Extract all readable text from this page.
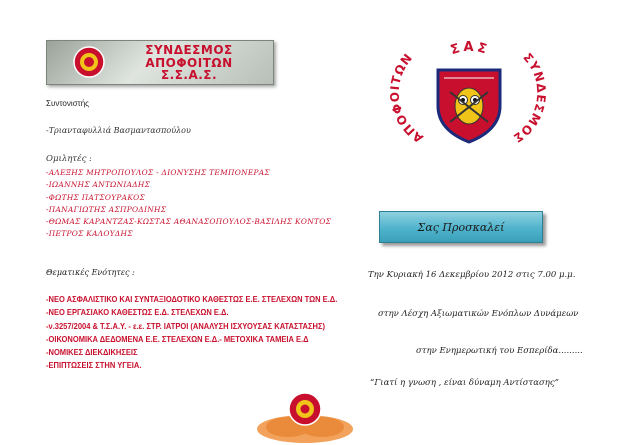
ΣΥΝΔΕΣΜΟΣ
ΑΠΟΦΟΙΤΩΝ
Σ.Σ.Α.Σ.
Συντονιστής
-Τριανταφυλλιά Βασμαντασπούλου
Ομιλητές :
-ΑΛΕΞΗΣ ΜΗΤΡΟΠΟΥΛΟΣ - ΔΙΟΝΥΣΗΣ ΤΕΜΠΟΝΕΡΑΣ
-ΙΩΑΝΝΗΣ ΑΝΤΩΝΙΑΔΗΣ
-ΦΩΤΗΣ ΠΑΤΣΟΥΡΑΚΟΣ
-ΠΑΝΑΓΙΩΤΗΣ ΑΣΠΡΟΔΙΝΗΣ
-ΘΩΜΑΣ ΚΑΡΑΝΤΖΑΣ-ΚΩΣΤΑΣ ΑΘΑΝΑΣΟΠΟΥΛΟΣ-ΒΑΣΙΛΗΣ ΚΟΝΤΟΣ
-ΠΕΤΡΟΣ ΚΑΛΟΥΔΗΣ
Θεματικές Ενότητες :
-ΝΕΟ ΑΣΦΑΛΙΣΤΙΚΟ ΚΑΙ ΣΥΝΤΑΞΙΟΔΟΤΙΚΟ ΚΑΘΕΣΤΩΣ Ε.Ε. ΣΤΕΛΕΧΩΝ ΤΩΝ Ε.Δ.
-ΝΕΟ ΕΡΓΑΣΙΑΚΟ ΚΑΘΕΣΤΩΣ Ε.Δ. ΣΤΕΛΕΧΩΝ Ε.Δ.
-ν.3257/2004 & Τ.Σ.Α.Υ. - ε.ε. ΣΤΡ. ΙΑΤΡΟΙ (ΑΝΑΛΥΣΗ ΙΣΧΥΟΥΣΑΣ ΚΑΤΑΣΤΑΣΗΣ)
-ΟΙΚΟΝΟΜΙΚΑ ΔΕΔΟΜΕΝΑ Ε.Ε. ΣΤΕΛΕΧΩΝ Ε.Δ.- ΜΕΤΟΧΙΚΑ ΤΑΜΕΙΑ Ε.Δ
-ΝΟΜΙΚΕΣ ΔΙΕΚΔΙΚΗΣΕΙΣ
-ΕΠΙΠΤΩΣΕΙΣ ΣΤΗΝ ΥΓΕΙΑ.
ΣΑΣ
ΑΠΟΦΟΙΤΩΝ	ΣΥΝΔΕΣΜΟΣ
Σας Προσκαλεί
Την Κυριακή 16 Δεκεμβρίου 2012 στις 7.00 μ.μ.
στην Λέσχη Αξιωματικών Ενόπλων Δυνάμεων
στην Ενημερωτική του Εσπερίδα.........
“Γιατί η γνωση , είναι δύναμη Αντίστασης”
